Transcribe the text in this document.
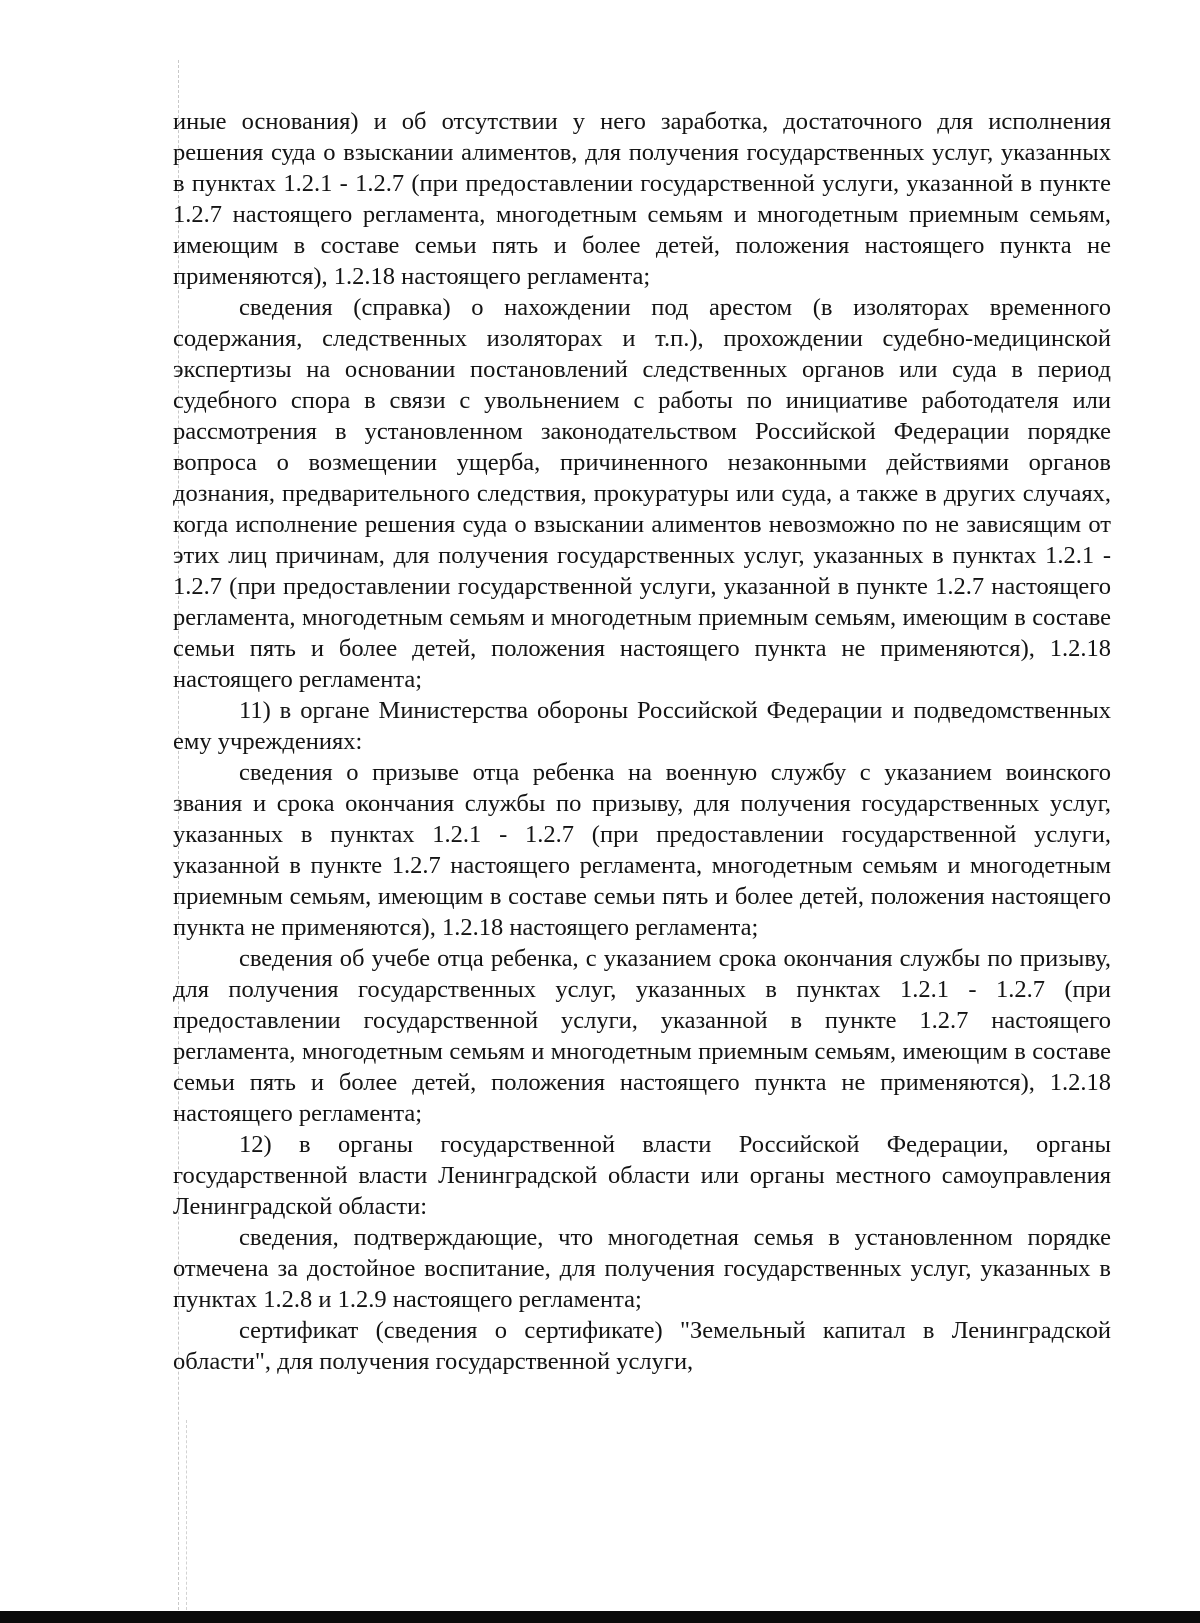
иные основания) и об отсутствии у него заработка, достаточного для исполнения решения суда о взыскании алиментов, для получения государственных услуг, указанных в пунктах 1.2.1 - 1.2.7 (при предоставлении государственной услуги, указанной в пункте 1.2.7 настоящего регламента, многодетным семьям и многодетным приемным семьям, имеющим в составе семьи пять и более детей, положения настоящего пункта не применяются), 1.2.18 настоящего регламента;

сведения (справка) о нахождении под арестом (в изоляторах временного содержания, следственных изоляторах и т.п.), прохождении судебно-медицинской экспертизы на основании постановлений следственных органов или суда в период судебного спора в связи с увольнением с работы по инициативе работодателя или рассмотрения в установленном законодательством Российской Федерации порядке вопроса о возмещении ущерба, причиненного незаконными действиями органов дознания, предварительного следствия, прокуратуры или суда, а также в других случаях, когда исполнение решения суда о взыскании алиментов невозможно по не зависящим от этих лиц причинам, для получения государственных услуг, указанных в пунктах 1.2.1 - 1.2.7 (при предоставлении государственной услуги, указанной в пункте 1.2.7 настоящего регламента, многодетным семьям и многодетным приемным семьям, имеющим в составе семьи пять и более детей, положения настоящего пункта не применяются), 1.2.18 настоящего регламента;

11) в органе Министерства обороны Российской Федерации и подведомственных ему учреждениях:

сведения о призыве отца ребенка на военную службу с указанием воинского звания и срока окончания службы по призыву, для получения государственных услуг, указанных в пунктах 1.2.1 - 1.2.7 (при предоставлении государственной услуги, указанной в пункте 1.2.7 настоящего регламента, многодетным семьям и многодетным приемным семьям, имеющим в составе семьи пять и более детей, положения настоящего пункта не применяются), 1.2.18 настоящего регламента;

сведения об учебе отца ребенка, с указанием срока окончания службы по призыву, для получения государственных услуг, указанных в пунктах 1.2.1 - 1.2.7 (при предоставлении государственной услуги, указанной в пункте 1.2.7 настоящего регламента, многодетным семьям и многодетным приемным семьям, имеющим в составе семьи пять и более детей, положения настоящего пункта не применяются), 1.2.18 настоящего регламента;

12) в органы государственной власти Российской Федерации, органы государственной власти Ленинградской области или органы местного самоуправления Ленинградской области:

сведения, подтверждающие, что многодетная семья в установленном порядке отмечена за достойное воспитание, для получения государственных услуг, указанных в пунктах 1.2.8 и 1.2.9 настоящего регламента;

сертификат (сведения о сертификате) "Земельный капитал в Ленинградской области", для получения государственной услуги,
